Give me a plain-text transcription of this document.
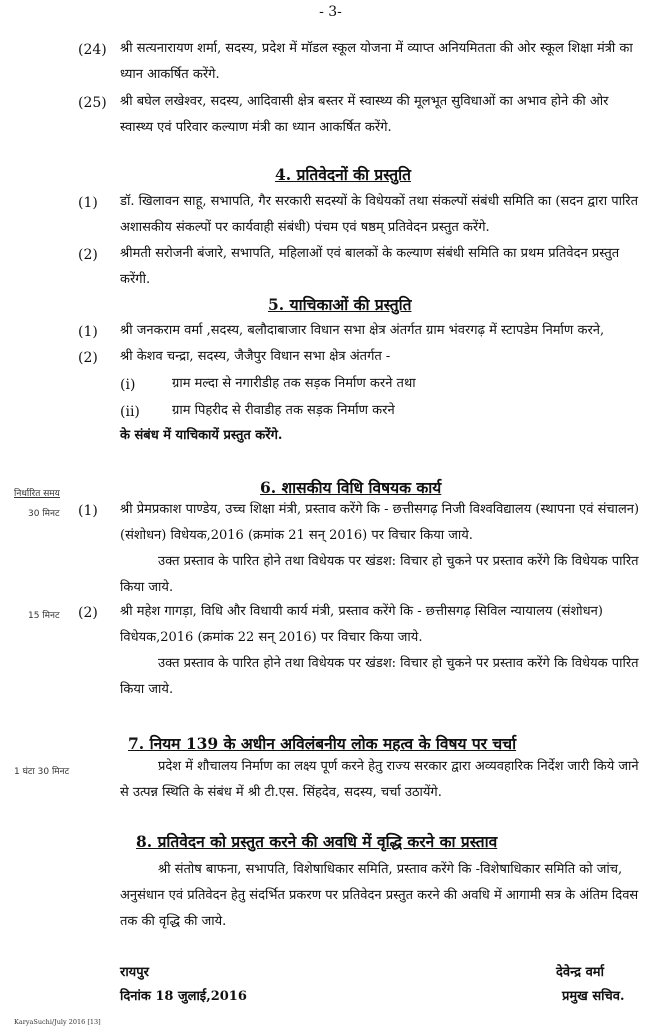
- 3-
(24)	श्री सत्यनारायण शर्मा, सदस्य, प्रदेश में मॉडल स्कूल योजना में व्याप्त अनियमितता की ओर स्कूल शिक्षा मंत्री का ध्यान आकर्षित करेंगे.
(25)	श्री बघेल लखेश्वर, सदस्य, आदिवासी क्षेत्र बस्तर में स्वास्थ्य की मूलभूत सुविधाओं का अभाव होने की ओर स्वास्थ्य एवं परिवार कल्याण मंत्री का ध्यान आकर्षित करेंगे.
4. प्रतिवेदनों की प्रस्तुति
(1)	डॉ. खिलावन साहू, सभापति, गैर सरकारी सदस्यों के विधेयकों तथा संकल्पों संबंधी समिति का (सदन द्वारा पारित अशासकीय संकल्पों पर कार्यवाही संबंधी) पंचम एवं षष्ठम् प्रतिवेदन प्रस्तुत करेंगे.
(2)	श्रीमती सरोजनी बंजारे, सभापति, महिलाओं एवं बालकों के कल्याण संबंधी समिति का प्रथम प्रतिवेदन प्रस्तुत करेंगी.
5. याचिकाओं की प्रस्तुति
(1)	श्री जनकराम वर्मा ,सदस्य, बलौदाबाजार विधान सभा क्षेत्र अंतर्गत ग्राम भंवरगढ़ में स्टापडेम निर्माण करने,
(2)	श्री केशव चन्द्रा, सदस्य, जैजैपुर विधान सभा क्षेत्र अंतर्गत -
(i)	ग्राम मल्दा से नगारीडीह तक सड़क निर्माण करने तथा
(ii)	ग्राम पिहरीद से रीवाडीह तक सड़क निर्माण करने
के संबंध में याचिकायें प्रस्तुत करेंगे.
निर्धारित समय	6. शासकीय विधि विषयक कार्य
30 मिनट (1)	श्री प्रेमप्रकाश पाण्डेय, उच्च शिक्षा मंत्री, प्रस्ताव करेंगे कि - छत्तीसगढ़ निजी विश्वविद्यालय (स्थापना एवं संचालन) (संशोधन) विधेयक,2016 (क्रमांक 21 सन् 2016) पर विचार किया जाये.
उक्त प्रस्ताव के पारित होने तथा विधेयक पर खंडश: विचार हो चुकने पर प्रस्ताव करेंगे कि विधेयक पारित किया जाये.
15 मिनट (2)	श्री महेश गागड़ा, विधि और विधायी कार्य मंत्री, प्रस्ताव करेंगे कि - छत्तीसगढ़ सिविल न्यायालय (संशोधन) विधेयक,2016 (क्रमांक 22 सन् 2016) पर विचार किया जाये.
उक्त प्रस्ताव के पारित होने तथा विधेयक पर खंडश: विचार हो चुकने पर प्रस्ताव करेंगे कि विधेयक पारित किया जाये.
7. नियम 139 के अधीन अविलंबनीय लोक महत्व के विषय पर चर्चा
1 घंटा 30 मिनट	प्रदेश में शौचालय निर्माण का लक्ष्य पूर्ण करने हेतु राज्य सरकार द्वारा अव्यवहारिक निर्देश जारी किये जाने से उत्पन्न स्थिति के संबंध में श्री टी.एस. सिंहदेव, सदस्य, चर्चा उठायेंगे.
8. प्रतिवेदन को प्रस्तुत करने की अवधि में वृद्धि करने का प्रस्ताव
श्री संतोष बाफना, सभापति, विशेषाधिकार समिति, प्रस्ताव करेंगे कि -विशेषाधिकार समिति को जांच, अनुसंधान एवं प्रतिवेदन हेतु संदर्भित प्रकरण पर प्रतिवेदन प्रस्तुत करने की अवधि में आगामी सत्र के अंतिम दिवस तक की वृद्धि की जाये.
रायपुर
दिनांक 18 जुलाई,2016
देवेन्द्र वर्मा
प्रमुख सचिव.
KaryaSuchi/July 2016 [13]
